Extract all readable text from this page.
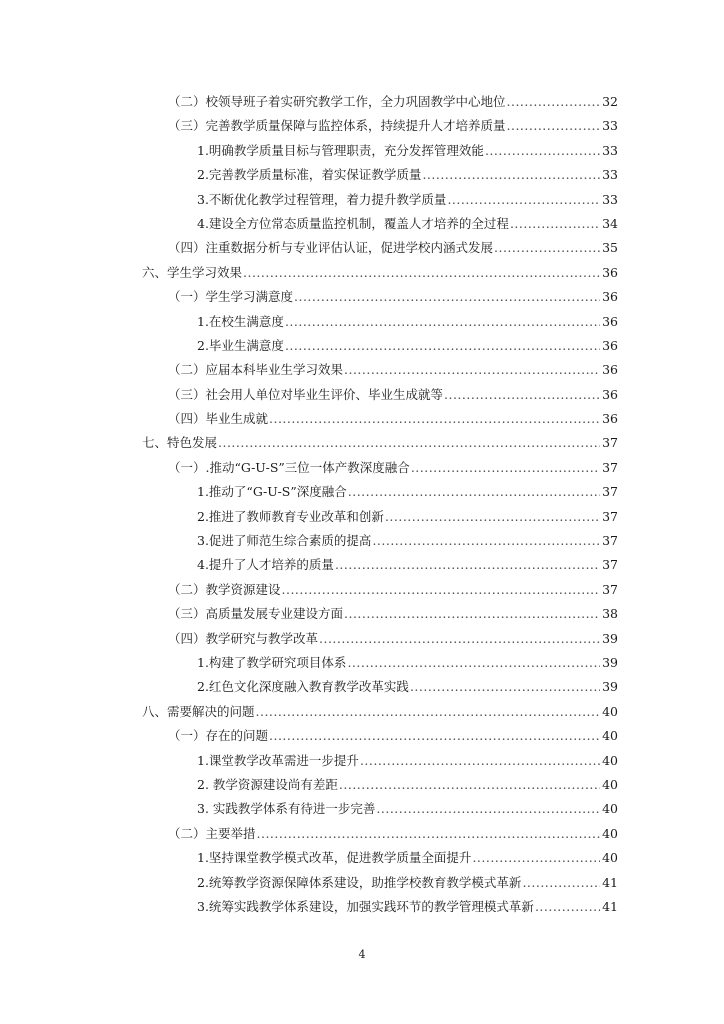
（二）校领导班子着实研究教学工作，全力巩固教学中心地位 .....	32
（三）完善教学质量保障与监控体系，持续提升人才培养质量 .....	33
1.明确教学质量目标与管理职责，充分发挥管理效能 .....	33
2.完善教学质量标准，着实保证教学质量 .....	33
3.不断优化教学过程管理，着力提升教学质量 .....	33
4.建设全方位常态质量监控机制，覆盖人才培养的全过程 .....	34
（四）注重数据分析与专业评估认证，促进学校内涵式发展 .....	35
六、学生学习效果 .....	36
（一）学生学习满意度 .....	36
1.在校生满意度 .....	36
2.毕业生满意度 .....	36
（二）应届本科毕业生学习效果 .....	36
（三）社会用人单位对毕业生评价、毕业生成就等 .....	36
（四）毕业生成就 .....	36
七、特色发展 .....	37
（一）.推动“G-U-S”三位一体产教深度融合 .....	37
1.推动了“G-U-S”深度融合 .....	37
2.推进了教师教育专业改革和创新 .....	37
3.促进了师范生综合素质的提高 .....	37
4.提升了人才培养的质量 .....	37
（二）教学资源建设 .....	37
（三）高质量发展专业建设方面 .....	38
（四）教学研究与教学改革 .....	39
1.构建了教学研究项目体系 .....	39
2.红色文化深度融入教育教学改革实践 .....	39
八、需要解决的问题 .....	40
（一）存在的问题 .....	40
1.课堂教学改革需进一步提升 .....	40
2. 教学资源建设尚有差距 .....	40
3. 实践教学体系有待进一步完善 .....	40
（二）主要举措 .....	40
1.坚持课堂教学模式改革，促进教学质量全面提升 .....	40
2.统筹教学资源保障体系建设，助推学校教育教学模式革新 .....	41
3.统筹实践教学体系建设，加强实践环节的教学管理模式革新 .....	41
4
